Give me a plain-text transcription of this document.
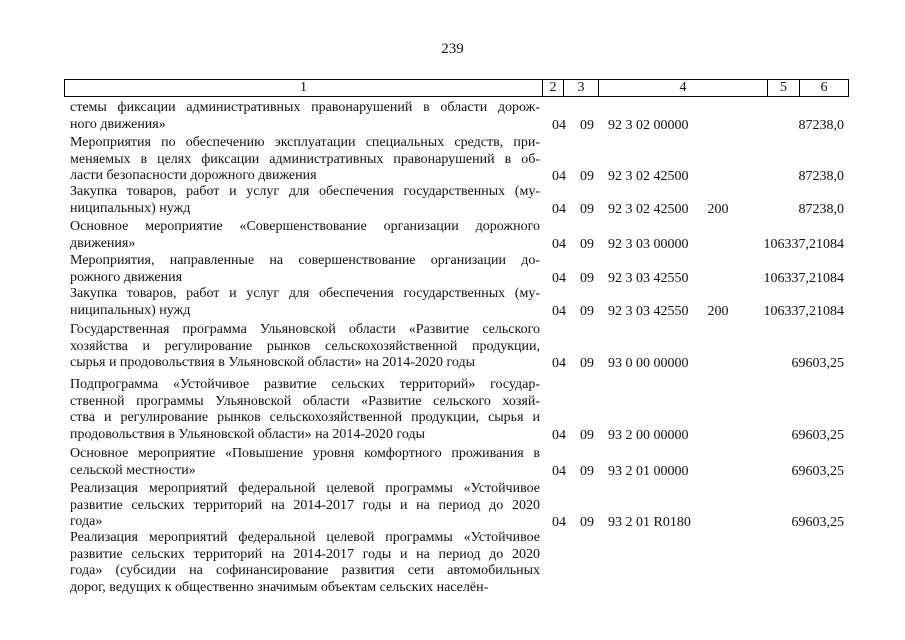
239
1	2	3	4	5	6
стемы фиксации административных правонарушений в области дорож-
ного движения»	04 09 92 3 02 00000	87238,0
Мероприятия по обеспечению эксплуатации специальных средств, при-
меняемых в целях фиксации административных правонарушений в об-
ласти безопасности дорожного движения	04 09 92 3 02 42500	87238,0
Закупка товаров, работ и услуг для обеспечения государственных (му-
ниципальных) нужд	04 09 92 3 02 42500	200	87238,0
Основное мероприятие «Совершенствование организации дорожного
движения»	04 09 92 3 03 00000	106337,21084
Мероприятия, направленные на совершенствование организации до-
рожного движения	04 09 92 3 03 42550	106337,21084
Закупка товаров, работ и услуг для обеспечения государственных (му-
ниципальных) нужд	04 09 92 3 03 42550	200	106337,21084
Государственная программа Ульяновской области «Развитие сельского
хозяйства и регулирование рынков сельскохозяйственной продукции,
сырья и продовольствия в Ульяновской области» на 2014-2020 годы	04 09 93 0 00 00000	69603,25
Подпрограмма «Устойчивое развитие сельских территорий» государ-
ственной программы Ульяновской области «Развитие сельского хозяй-
ства и регулирование рынков сельскохозяйственной продукции, сырья и
продовольствия в Ульяновской области» на 2014-2020 годы	04 09 93 2 00 00000	69603,25
Основное мероприятие «Повышение уровня комфортного проживания в
сельской местности»	04 09 93 2 01 00000	69603,25
Реализация мероприятий федеральной целевой программы «Устойчивое
развитие сельских территорий на 2014-2017 годы и на период до 2020
года»	04 09 93 2 01 R0180	69603,25
Реализация мероприятий федеральной целевой программы «Устойчивое
развитие сельских территорий на 2014-2017 годы и на период до 2020
года» (субсидии на софинансирование развития сети автомобильных
дорог, ведущих к общественно значимым объектам сельских населён-
